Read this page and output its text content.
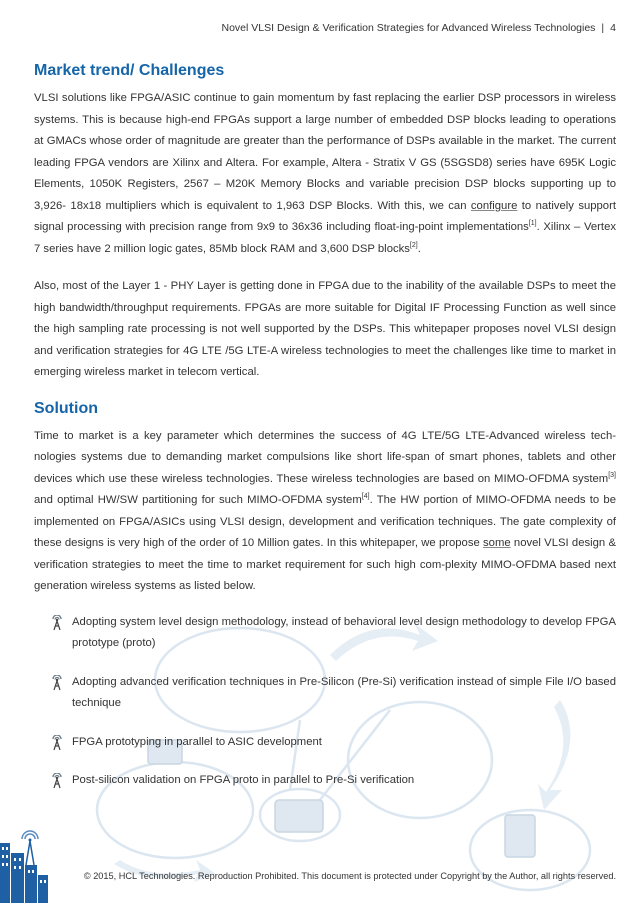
Novel VLSI Design & Verification Strategies for Advanced Wireless Technologies | 4
Market trend/ Challenges

VLSI solutions like FPGA/ASIC continue to gain momentum by fast replacing the earlier DSP processors in wireless systems. This is because high-end FPGAs support a large number of embedded DSP blocks leading to operations at GMACs whose order of magnitude are greater than the performance of DSPs available in the market. The current leading FPGA vendors are Xilinx and Altera. For example, Altera - Stratix V GS (5SGSD8) series have 695K Logic Elements, 1050K Registers, 2567 – M20K Memory Blocks and variable precision DSP blocks supporting up to 3,926- 18x18 multipliers which is equivalent to 1,963 DSP Blocks. With this, we can configure to natively support signal processing with precision range from 9x9 to 36x36 including float-ing-point implementations[1]. Xilinx – Vertex 7 series have 2 million logic gates, 85Mb block RAM and 3,600 DSP blocks[2].

Also, most of the Layer 1 - PHY Layer is getting done in FPGA due to the inability of the available DSPs to meet the high bandwidth/throughput requirements. FPGAs are more suitable for Digital IF Processing Function as well since the high sampling rate processing is not well supported by the DSPs. This whitepaper proposes novel VLSI design and verification strategies for 4G LTE /5G LTE-A wireless technologies to meet the challenges like time to market in emerging wireless market in telecom vertical.

Solution

Time to market is a key parameter which determines the success of 4G LTE/5G LTE-Advanced wireless tech-nologies systems due to demanding market compulsions like short life-span of smart phones, tablets and other devices which use these wireless technologies. These wireless technologies are based on MIMO-OFDMA system[3] and optimal HW/SW partitioning for such MIMO-OFDMA system[4]. The HW portion of MIMO-OFDMA needs to be implemented on FPGA/ASICs using VLSI design, development and verification techniques. The gate complexity of these designs is very high of the order of 10 Million gates. In this whitepaper, we propose some novel VLSI design & verification strategies to meet the time to market requirement for such high com-plexity MIMO-OFDMA based next generation wireless systems as listed below.

Adopting system level design methodology, instead of behavioral level design methodology to develop FPGA prototype (proto)
Adopting advanced verification techniques in Pre-Silicon (Pre-Si) verification instead of simple File I/O based technique
FPGA prototyping in parallel to ASIC development
Post-silicon validation on FPGA proto in parallel to Pre-Si verification
© 2015, HCL Technologies. Reproduction Prohibited. This document is protected under Copyright by the Author, all rights reserved.
